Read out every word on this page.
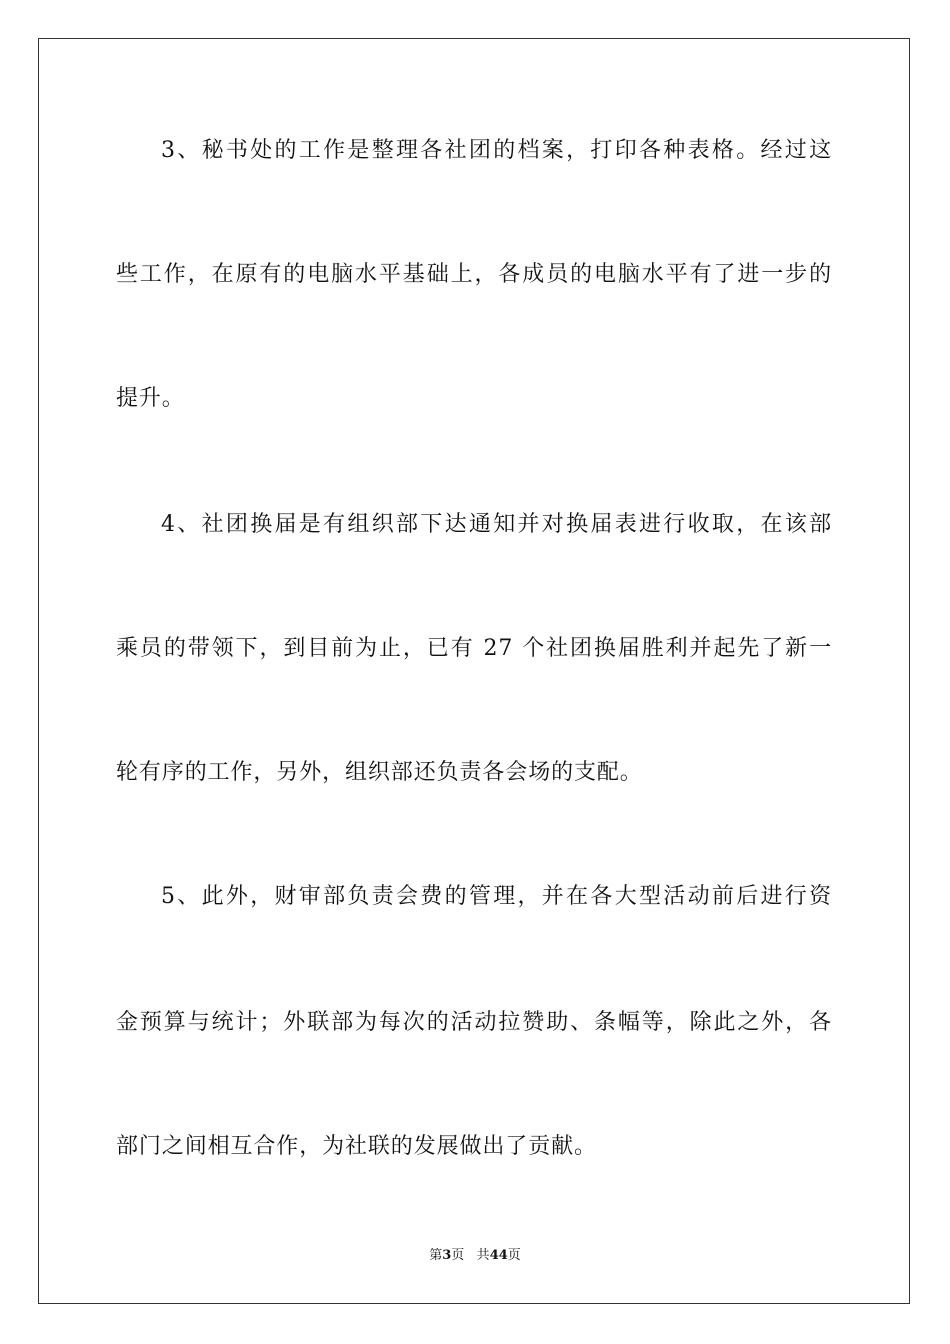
3、秘书处的工作是整理各社团的档案，打印各种表格。经过这
些工作，在原有的电脑水平基础上，各成员的电脑水平有了进一步的
提升。
4、社团换届是有组织部下达通知并对换届表进行收取，在该部
乘员的带领下，到目前为止，已有 27 个社团换届胜利并起先了新一
轮有序的工作，另外，组织部还负责各会场的支配。
5、此外，财审部负责会费的管理，并在各大型活动前后进行资
金预算与统计；外联部为每次的活动拉赞助、条幅等，除此之外，各
部门之间相互合作，为社联的发展做出了贡献。
第3页 共44页
